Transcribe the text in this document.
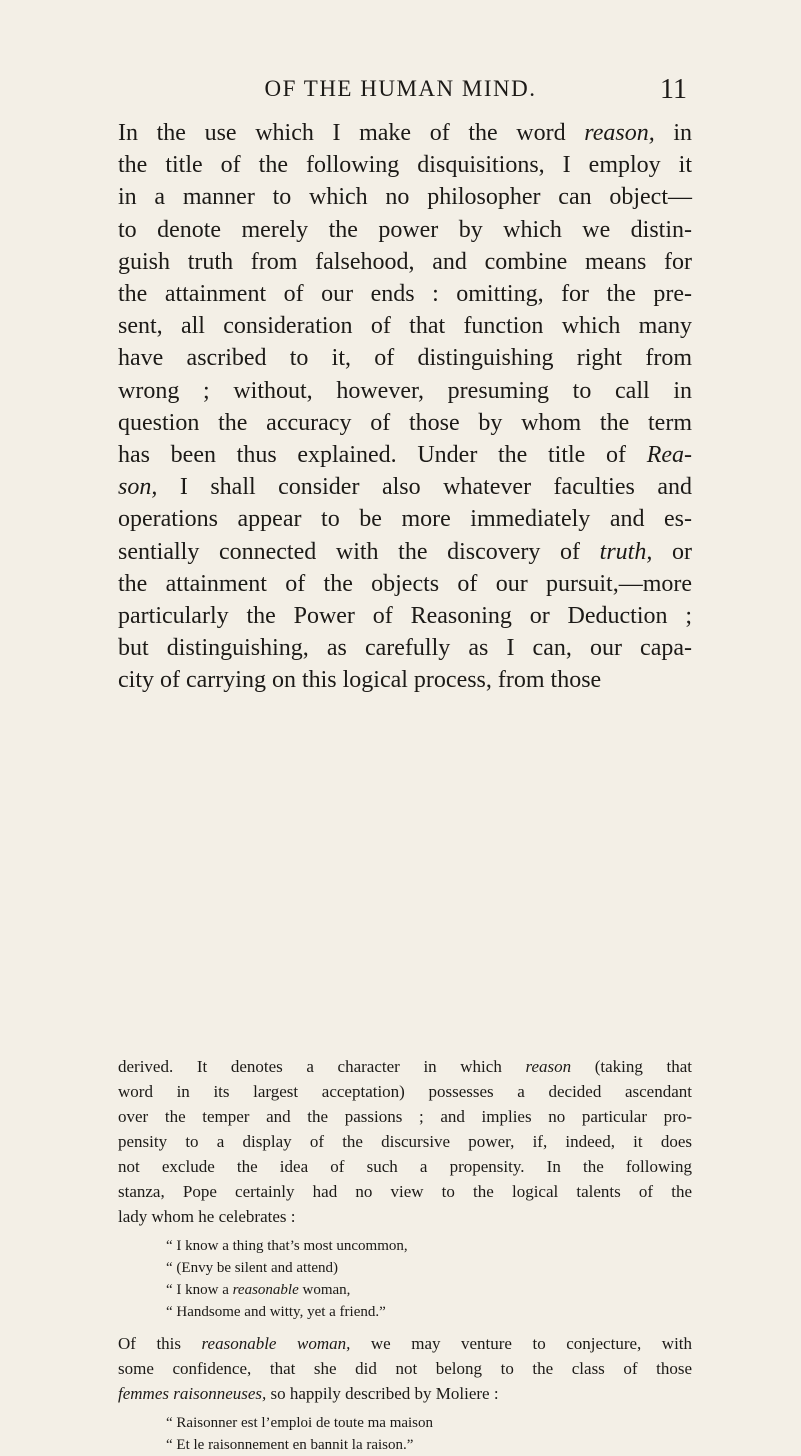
OF THE HUMAN MIND.	11
In the use which I make of the word reason, in
the title of the following disquisitions, I employ it
in a manner to which no philosopher can object—
to denote merely the power by which we distin-
guish truth from falsehood, and combine means for
the attainment of our ends : omitting, for the pre-
sent, all consideration of that function which many
have ascribed to it, of distinguishing right from
wrong ; without, however, presuming to call in
question the accuracy of those by whom the term
has been thus explained. Under the title of Rea-
son, I shall consider also whatever faculties and
operations appear to be more immediately and es-
sentially connected with the discovery of truth, or
the attainment of the objects of our pursuit,—more
particularly the Power of Reasoning or Deduction ;
but distinguishing, as carefully as I can, our capa-
city of carrying on this logical process, from those
derived. It denotes a character in which reason (taking that
word in its largest acceptation) possesses a decided ascendant
over the temper and the passions ; and implies no particular pro-
pensity to a display of the discursive power, if, indeed, it does
not exclude the idea of such a propensity. In the following
stanza, Pope certainly had no view to the logical talents of the
lady whom he celebrates :
“ I know a thing that’s most uncommon,
“ (Envy be silent and attend)
“ I know a reasonable woman,
“ Handsome and witty, yet a friend.”
Of this reasonable woman, we may venture to conjecture, with
some confidence, that she did not belong to the class of those
femmes raisonneuses, so happily described by Moliere :
“ Raisonner est l’emploi de toute ma maison
“ Et le raisonnement en bannit la raison.”
